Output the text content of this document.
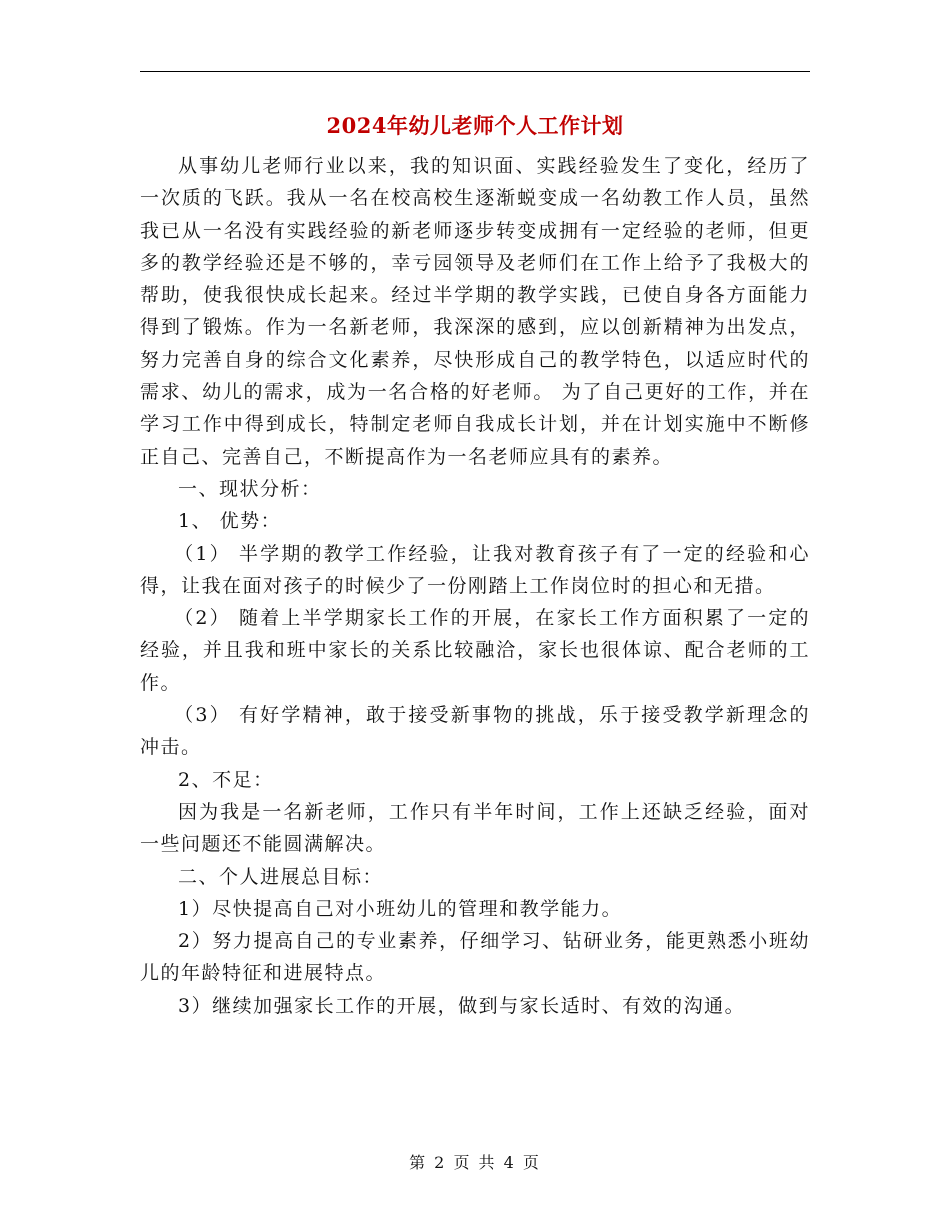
2024年幼儿老师个人工作计划

从事幼儿老师行业以来，我的知识面、实践经验发生了变化，经历了一次质的飞跃。我从一名在校高校生逐渐蜕变成一名幼教工作人员，虽然我已从一名没有实践经验的新老师逐步转变成拥有一定经验的老师，但更多的教学经验还是不够的，幸亏园领导及老师们在工作上给予了我极大的帮助，使我很快成长起来。经过半学期的教学实践，已使自身各方面能力得到了锻炼。作为一名新老师，我深深的感到，应以创新精神为出发点，努力完善自身的综合文化素养，尽快形成自己的教学特色，以适应时代的需求、幼儿的需求，成为一名合格的好老师。 为了自己更好的工作，并在学习工作中得到成长，特制定老师自我成长计划，并在计划实施中不断修正自己、完善自己，不断提高作为一名老师应具有的素养。

一、现状分析：

1、 优势：

（1） 半学期的教学工作经验，让我对教育孩子有了一定的经验和心得，让我在面对孩子的时候少了一份刚踏上工作岗位时的担心和无措。

（2） 随着上半学期家长工作的开展，在家长工作方面积累了一定的经验，并且我和班中家长的关系比较融洽，家长也很体谅、配合老师的工作。

（3） 有好学精神，敢于接受新事物的挑战，乐于接受教学新理念的冲击。

2、不足：

因为我是一名新老师，工作只有半年时间，工作上还缺乏经验，面对一些问题还不能圆满解决。

二、个人进展总目标：

1）尽快提高自己对小班幼儿的管理和教学能力。

2）努力提高自己的专业素养，仔细学习、钻研业务，能更熟悉小班幼儿的年龄特征和进展特点。

3）继续加强家长工作的开展，做到与家长适时、有效的沟通。

第 2 页 共 4 页
